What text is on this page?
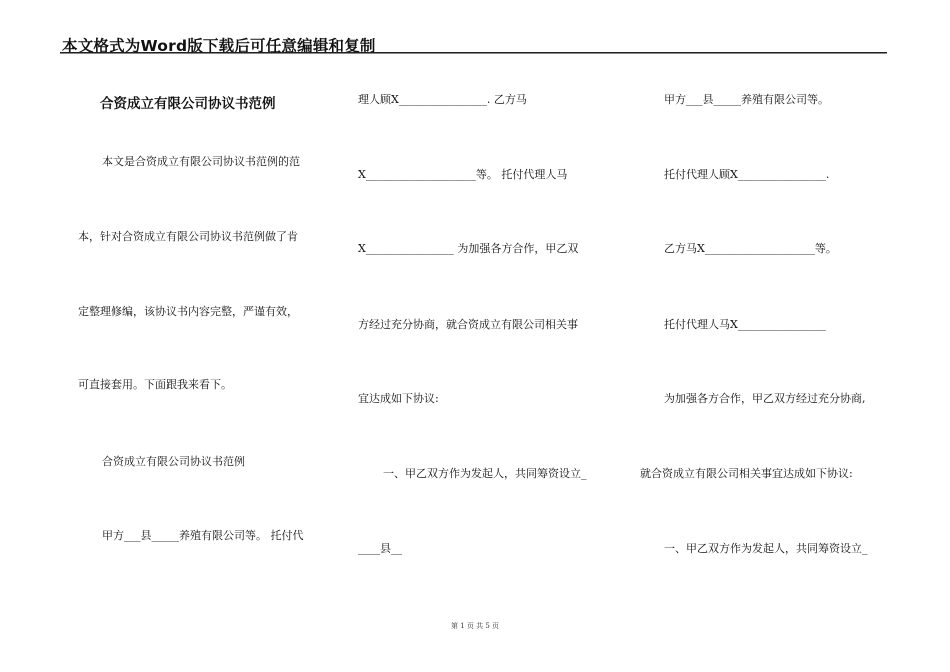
本文格式为Word版下载后可任意编辑和复制
合资成立有限公司协议书范例
本文是合资成立有限公司协议书范例的范
本，针对合资成立有限公司协议书范例做了肯
定整理修编，该协议书内容完整，严谨有效，
可直接套用。下面跟我来看下。
合资成立有限公司协议书范例
甲方___县_____养殖有限公司等。 托付代
理人顾X________________. 乙方马
X____________________等。 托付代理人马
X________________ 为加强各方合作，甲乙双
方经过充分协商，就合资成立有限公司相关事
宜达成如下协议:
一、甲乙双方作为发起人，共同筹资设立_
____县__
甲方___县_____养殖有限公司等。
托付代理人顾X________________.
乙方马X____________________等。
托付代理人马X________________
为加强各方合作，甲乙双方经过充分协商,
就合资成立有限公司相关事宜达成如下协议:
一、甲乙双方作为发起人，共同筹资设立_
第 1 页 共 5 页
